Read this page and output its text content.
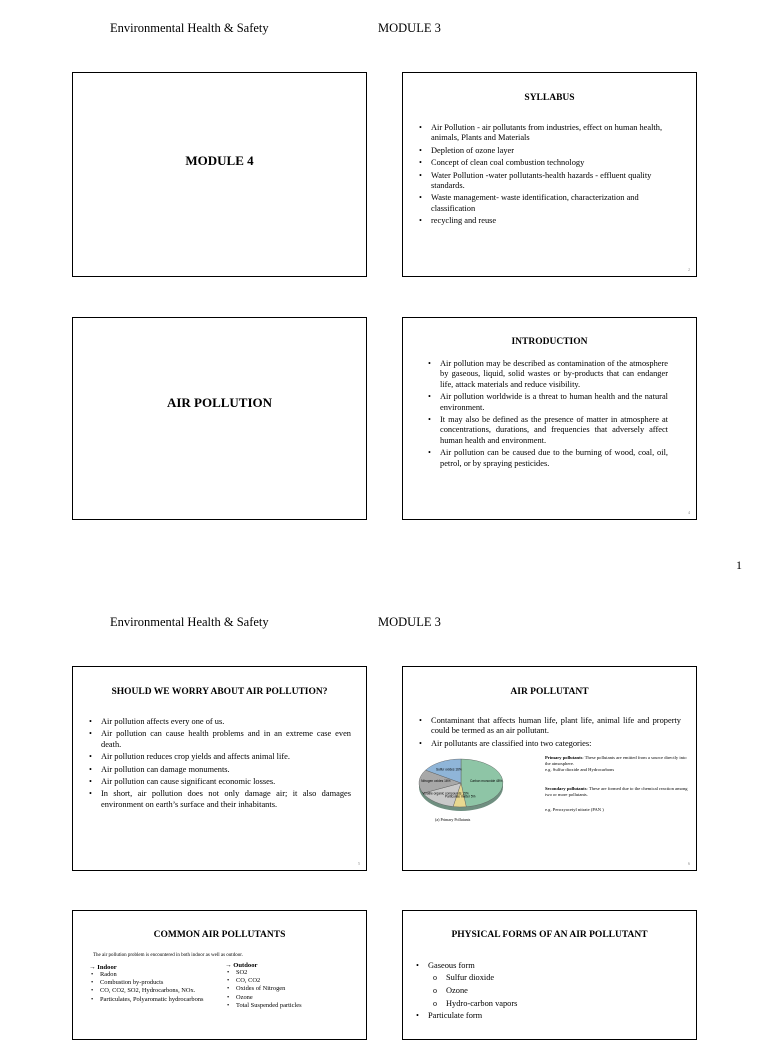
Environmental Health & Safety	MODULE 3
MODULE 4
SYLLABUS
• Air Pollution - air pollutants from industries, effect on human health, animals, Plants and Materials
• Depletion of ozone layer
• Concept of clean coal combustion technology
• Water Pollution -water pollutants-health hazards - effluent quality standards.
• Waste management- waste identification, characterization and classification
• recycling and reuse
2
AIR POLLUTION
INTRODUCTION
• Air pollution may be described as contamination of the atmosphere by gaseous, liquid, solid wastes or by-products that can endanger life, attack materials and reduce visibility.
• Air pollution worldwide is a threat to human health and the natural environment.
• It may also be defined as the presence of matter in atmosphere at concentrations, durations, and frequencies that adversely affect human health and environment.
• Air pollution can be caused due to the burning of wood, coal, oil, petrol, or by spraying pesticides.
4
1
Environmental Health & Safety	MODULE 3
SHOULD WE WORRY ABOUT AIR POLLUTION?
• Air pollution affects every one of us.
• Air pollution can cause health problems and in an extreme case even death.
• Air pollution reduces crop yields and affects animal life.
• Air pollution can damage monuments.
• Air pollution can cause significant economic losses.
• In short, air pollution does not only damage air; it also damages environment on earth’s surface and their inhabitants.
5
AIR POLLUTANT
• Contaminant that affects human life, plant life, animal life and property could be termed as an air pollutant.
• Air pollutants are classified into two categories:
Carbon monoxide 48%
Particulate matter 5%
Volatile organic compounds 15%
Nitrogen oxides 16%
Sulfur oxides 16%
(a) Primary Pollutants
Primary pollutants: These pollutants are emitted from a source directly into the atmosphere.
e.g. Sulfur dioxide and Hydrocarbons
Secondary pollutants: These are formed due to the chemical reaction among two or more pollutants.
e.g. Peroxyacetyl nitrate (PAN )
6
COMMON AIR POLLUTANTS
The air pollution problem is encountered in both indoor as well as outdoor.
→ Indoor
• Radon
• Combustion by-products
• CO, CO2, SO2, Hydrocarbons, NOx.
• Particulates, Polyaromatic hydrocarbons
→ Outdoor
• SO2
• CO, CO2
• Oxides of Nitrogen
• Ozone
• Total Suspended particles
PHYSICAL FORMS OF AN AIR POLLUTANT
• Gaseous form
o Sulfur dioxide
o Ozone
o Hydro-carbon vapors
• Particulate form
